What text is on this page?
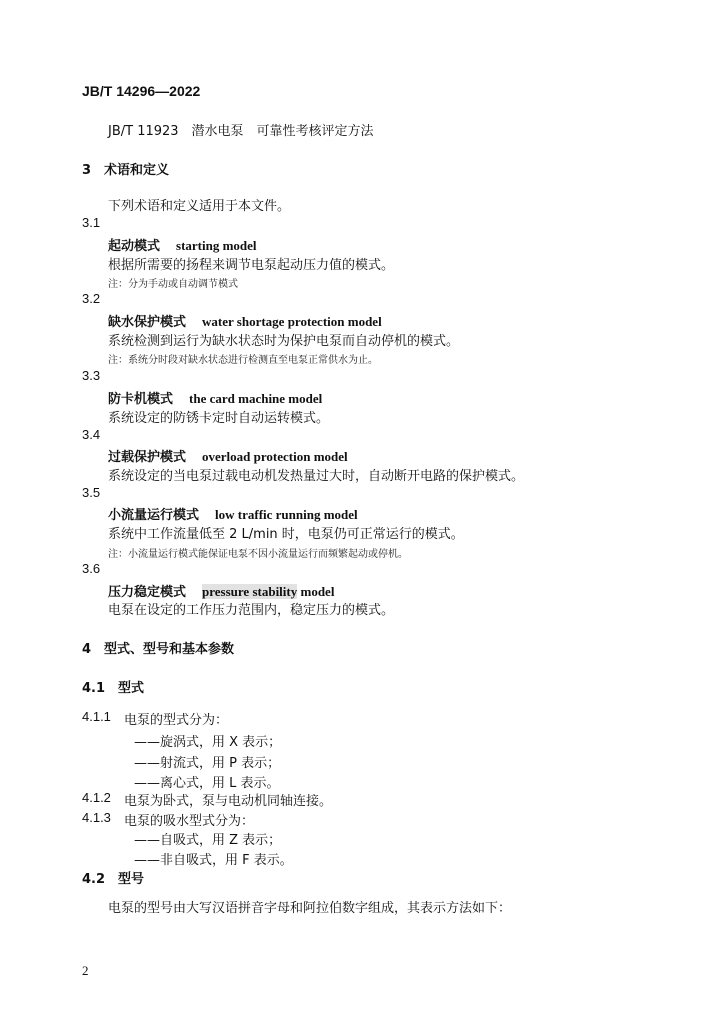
JB/T 14296—2022
JB/T 11923　潜水电泵　可靠性考核评定方法
3　术语和定义
下列术语和定义适用于本文件。
3.1
起动模式 starting model
根据所需要的扬程来调节电泵起动压力值的模式。
注：分为手动或自动调节模式
3.2
缺水保护模式 water shortage protection model
系统检测到运行为缺水状态时为保护电泵而自动停机的模式。
注：系统分时段对缺水状态进行检测直至电泵正常供水为止。
3.3
防卡机模式 the card machine model
系统设定的防锈卡定时自动运转模式。
3.4
过载保护模式 overload protection model
系统设定的当电泵过载电动机发热量过大时，自动断开电路的保护模式。
3.5
小流量运行模式 low traffic running model
系统中工作流量低至 2 L/min 时，电泵仍可正常运行的模式。
注：小流量运行模式能保证电泵不因小流量运行而频繁起动或停机。
3.6
压力稳定模式 pressure stability model
电泵在设定的工作压力范围内，稳定压力的模式。
4　型式、型号和基本参数
4.1　型式
4.1.1 电泵的型式分为：
——旋涡式，用 X 表示；
——射流式，用 P 表示；
——离心式，用 L 表示。
4.1.2 电泵为卧式，泵与电动机同轴连接。
4.1.3 电泵的吸水型式分为：
——自吸式，用 Z 表示；
——非自吸式，用 F 表示。
4.2　型号
电泵的型号由大写汉语拼音字母和阿拉伯数字组成，其表示方法如下：
2
